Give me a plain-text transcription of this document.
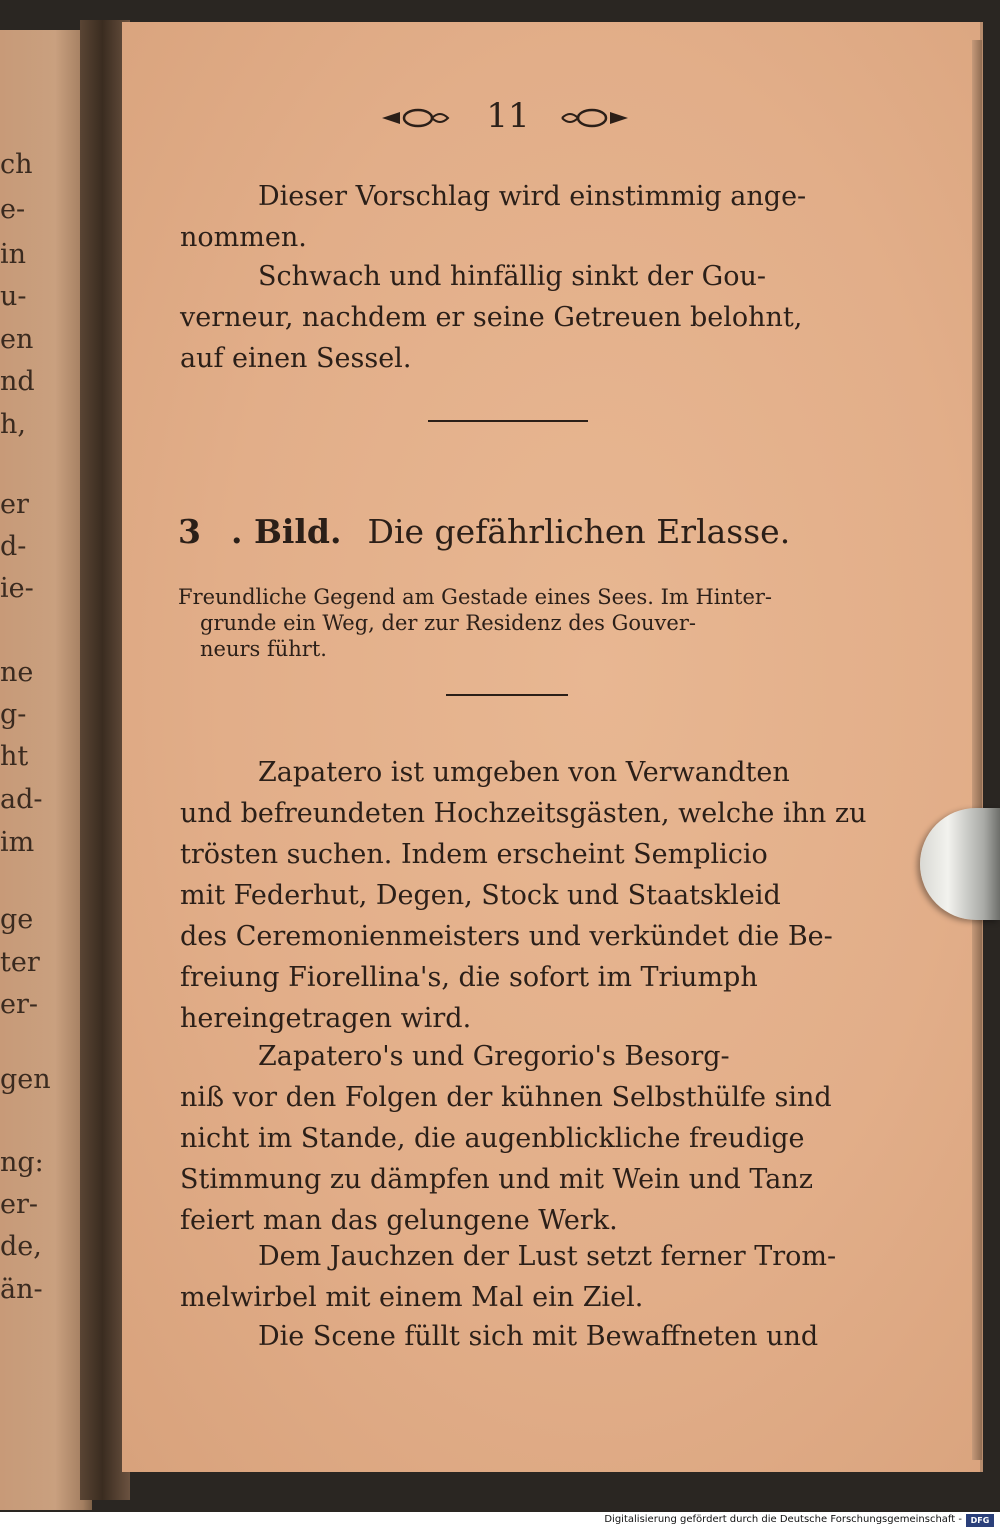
ch
e-
in
u-
en
nd
h,
er
d-
ie-
ne
g-
ht
ad-
im
ge
ter
er-
gen
ng:
er-
de,
än-
11
Dieser Vorschlag wird einstimmig ange-
nommen.
Schwach und hinfällig sinkt der Gou-
verneur, nachdem er seine Getreuen belohnt,
auf einen Sessel.
3 . Bild. Die gefährlichen Erlasse.
Freundliche Gegend am Gestade eines Sees. Im Hinter-
grunde ein Weg, der zur Residenz des Gouver-
neurs führt.
Zapatero ist umgeben von Verwandten
und befreundeten Hochzeitsgästen, welche ihn zu
trösten suchen. Indem erscheint Semplicio
mit Federhut, Degen, Stock und Staatskleid
des Ceremonienmeisters und verkündet die Be-
freiung Fiorellina's, die sofort im Triumph
hereingetragen wird.
Zapatero's und Gregorio's Besorg-
niß vor den Folgen der kühnen Selbsthülfe sind
nicht im Stande, die augenblickliche freudige
Stimmung zu dämpfen und mit Wein und Tanz
feiert man das gelungene Werk.
Dem Jauchzen der Lust setzt ferner Trom-
melwirbel mit einem Mal ein Ziel.
Die Scene füllt sich mit Bewaffneten und
Digitalisierung gefördert durch die Deutsche Forschungsgemeinschaft -	DFG
